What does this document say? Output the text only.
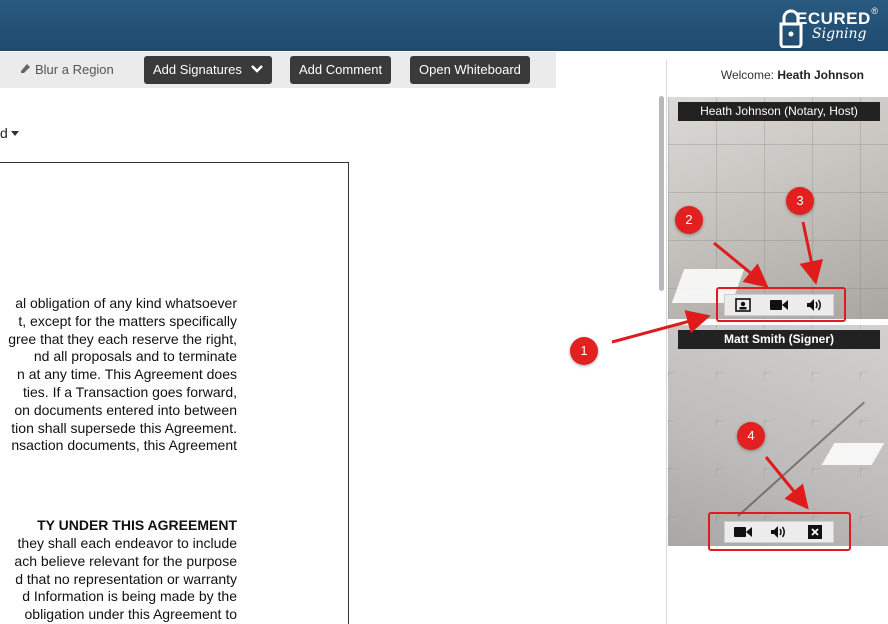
ECURED
Signing
®
Blur a Region	Add Signatures	Add Comment	Open Whiteboard
d
al obligation of any kind whatsoever
t, except for the matters specifically
gree that they each reserve the right,
nd all proposals and to terminate
n at any time. This Agreement does
ties. If a Transaction goes forward,
on documents entered into between
tion shall supersede this Agreement.
nsaction documents, this Agreement
TY UNDER THIS AGREEMENT
they shall each endeavor to include
ach believe relevant for the purpose
d that no representation or warranty
d Information is being made by the
obligation under this Agreement to
Welcome: Heath Johnson
Heath Johnson (Notary, Host)
Matt Smith (Signer)
1
2
3
4
